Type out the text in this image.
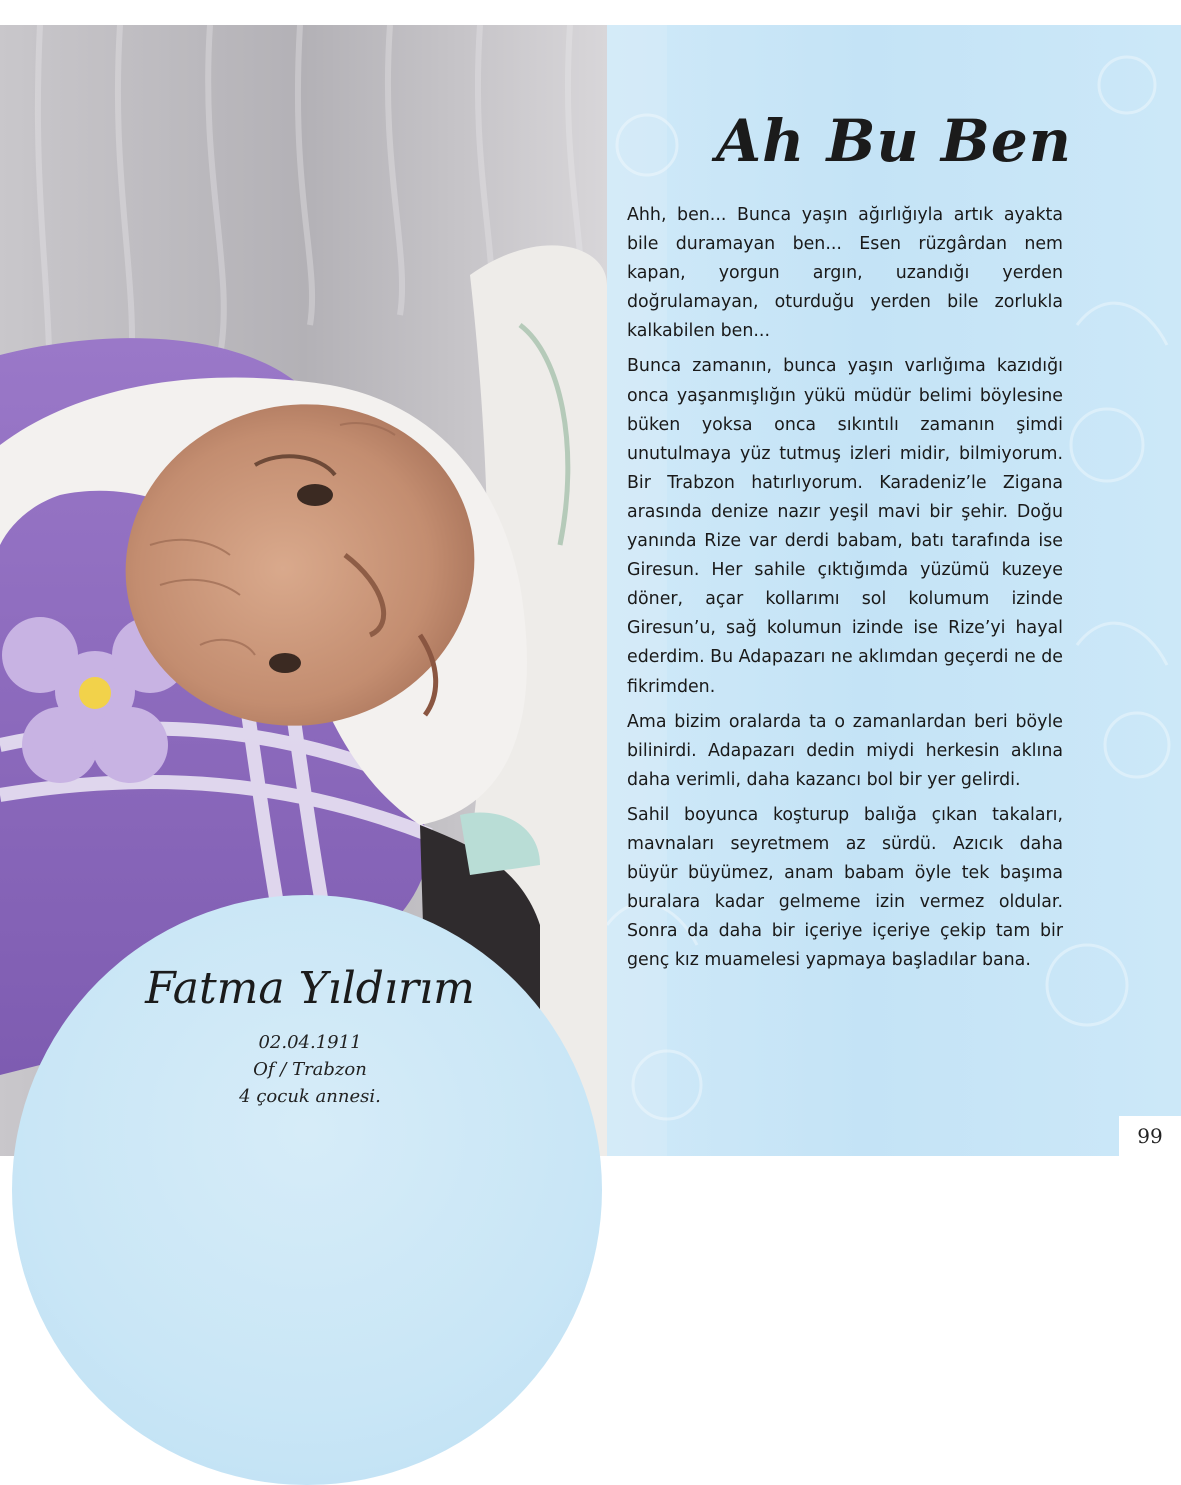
Ah Bu Ben

Ahh, ben... Bunca yaşın ağırlığıyla artık ayakta bile duramayan ben... Esen rüzgârdan nem kapan, yorgun argın, uzandığı yerden doğrulamayan, oturduğu yerden bile zorlukla kalkabilen ben...

Bunca zamanın, bunca yaşın varlığıma kazıdığı onca yaşanmışlığın yükü müdür belimi böylesine büken yoksa onca sıkıntılı zamanın şimdi unutulmaya yüz tutmuş izleri midir, bilmiyorum. Bir Trabzon hatırlıyorum. Karadeniz’le Zigana arasında denize nazır yeşil mavi bir şehir. Doğu yanında Rize var derdi babam, batı tarafında ise Giresun. Her sahile çıktığımda yüzümü kuzeye döner, açar kollarımı sol kolumum izinde Giresun’u, sağ kolumun izinde ise Rize’yi hayal ederdim. Bu Adapazarı ne aklımdan geçerdi ne de fikrimden.

Ama bizim oralarda ta o zamanlardan beri böyle bilinirdi. Adapazarı dedin miydi herkesin aklına daha verimli, daha kazancı bol bir yer gelirdi.

Sahil boyunca koşturup balığa çıkan takaları, mavnaları seyretmem az sürdü. Azıcık daha büyür büyümez, anam babam öyle tek başıma buralara kadar gelmeme izin vermez oldular. Sonra da daha bir içeriye içeriye çekip tam bir genç kız muamelesi yapmaya başladılar bana.

99

Fatma Yıldırım

02.04.1911

Of / Trabzon

4 çocuk annesi.
